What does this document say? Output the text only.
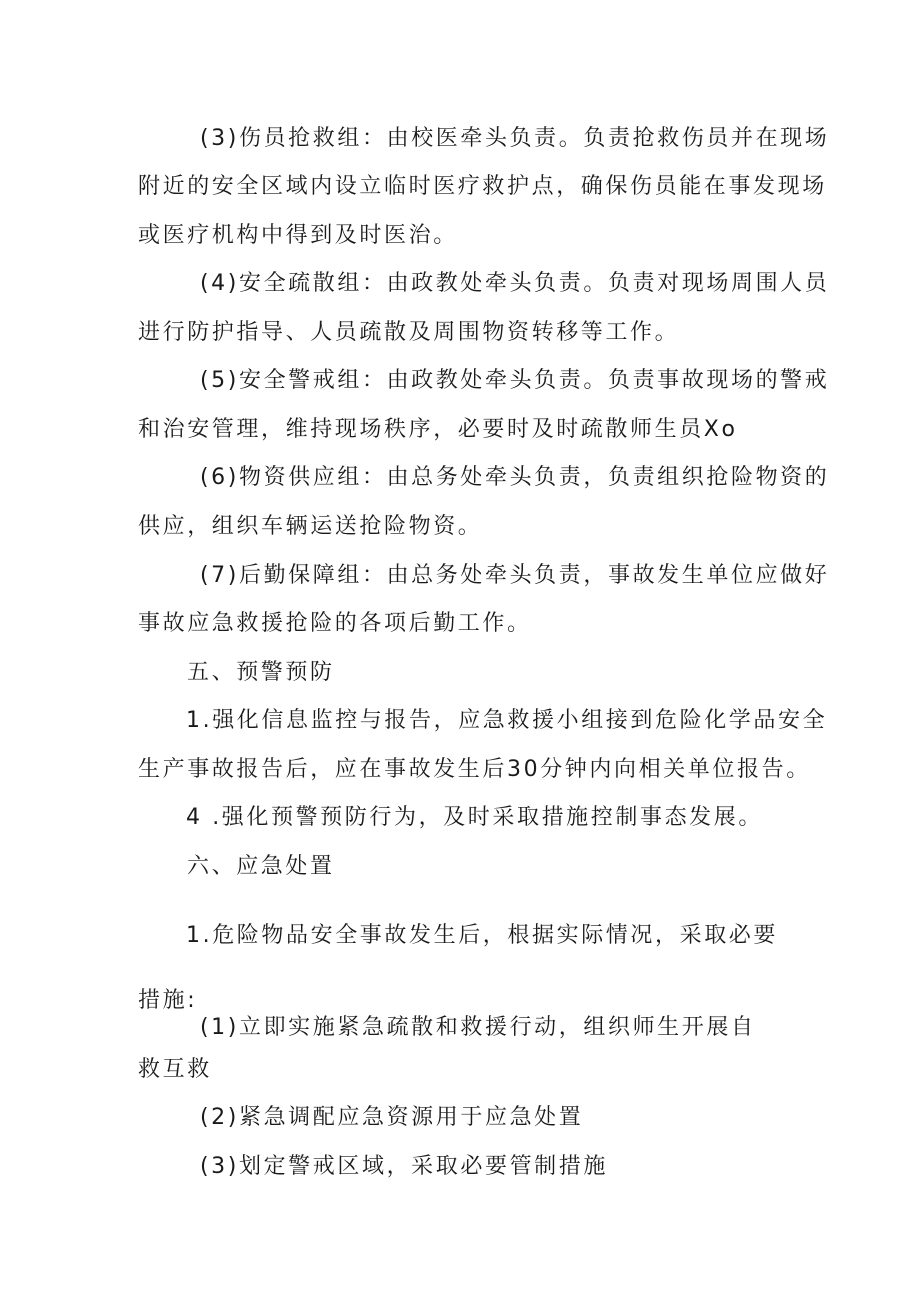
(3)伤员抢救组：由校医牵头负责。负责抢救伤员并在现场
附近的安全区域内设立临时医疗救护点，确保伤员能在事发现场
或医疗机构中得到及时医治。
(4)安全疏散组：由政教处牵头负责。负责对现场周围人员
进行防护指导、人员疏散及周围物资转移等工作。
(5)安全警戒组：由政教处牵头负责。负责事故现场的警戒
和治安管理，维持现场秩序，必要时及时疏散师生员Xo
(6)物资供应组：由总务处牵头负责，负责组织抢险物资的
供应，组织车辆运送抢险物资。
(7)后勤保障组：由总务处牵头负责，事故发生单位应做好
事故应急救援抢险的各项后勤工作。
五、预警预防
1.强化信息监控与报告，应急救援小组接到危险化学品安全
生产事故报告后，应在事故发生后30分钟内向相关单位报告。
4 .强化预警预防行为，及时采取措施控制事态发展。
六、应急处置
1.危险物品安全事故发生后，根据实际情况，采取必要
措施:
(1)立即实施紧急疏散和救援行动，组织师生开展自
救互救
(2)紧急调配应急资源用于应急处置
(3)划定警戒区域，采取必要管制措施
